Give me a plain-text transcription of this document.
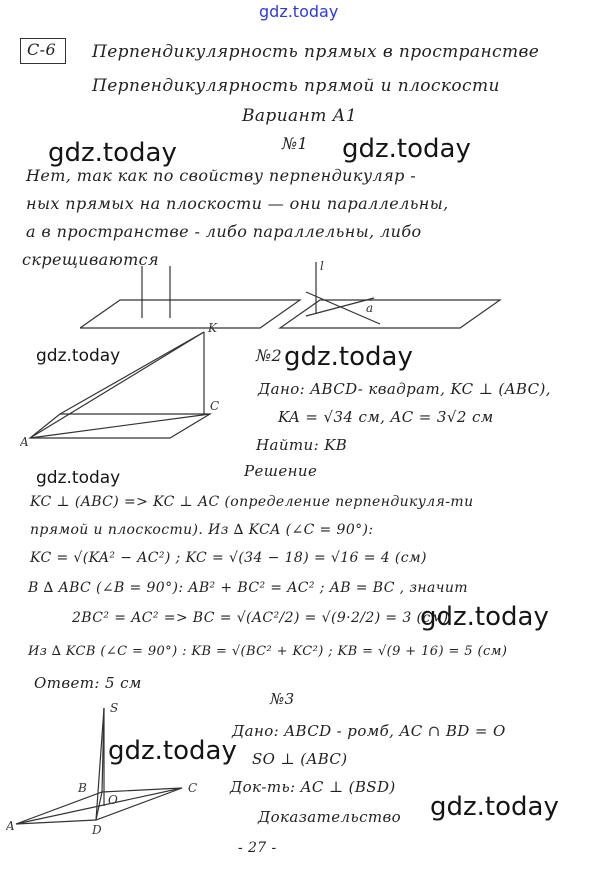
gdz.today
С-6 Перпендикулярность прямых в пространстве
Перпендикулярность прямой и плоскости
Вариант А1
№1
gdz.today	gdz.today
Нет, так как по свойству перпендикуляр -
ных прямых на плоскости — они параллельны,
а в пространстве - либо параллельны, либо
скрещиваются	l
a
gdz.today	№2 gdz.today
K
A
C
Дано: ABCD- квадрат, KC ⊥ (ABC),
KA = √34 см, AC = 3√2 см
Найти: KB
Решение
gdz.today
KC ⊥ (ABC) => KC ⊥ AC (определение перпендикуля-ти
прямой и плоскости). Из ∆ KCA (∠C = 90°):
KC = √(KA² − AC²) ; KC = √(34 − 18) = √16 = 4 (см)
В ∆ ABC (∠B = 90°): AB² + BC² = AC² ; AB = BC , значит
2BC² = AC² => BC = √(AC²/2) = √(9·2/2) = 3 (см)
gdz.today
Из ∆ KCB (∠C = 90°) : KB = √(BC² + KC²) ; KB = √(9 + 16) = 5 (см)
Ответ: 5 см
№3
S
A
B	C
D
O
Дано: ABCD - ромб, AC ∩ BD = O
gdz.today SO ⊥ (ABC)
Док-ть: AC ⊥ (BSD)
gdz.today
Доказательство
- 27 -
